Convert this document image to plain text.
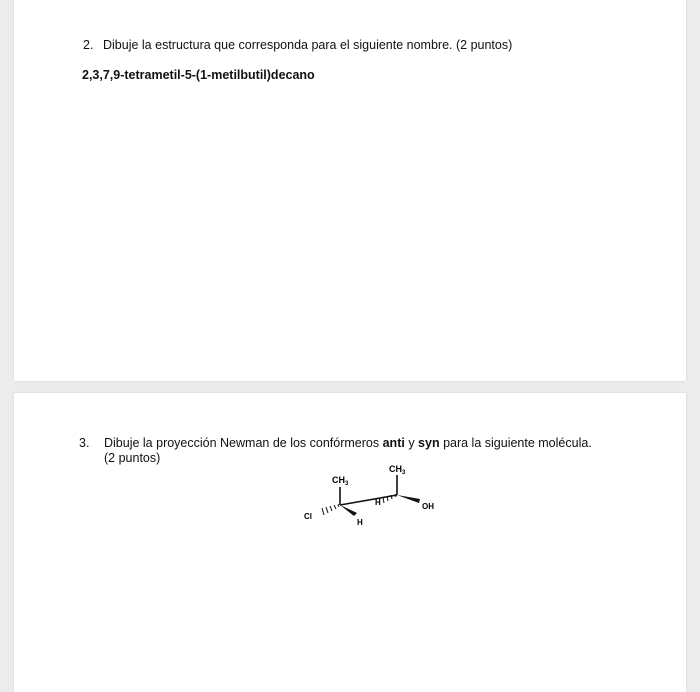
2. Dibuje la estructura que corresponda para el siguiente nombre. (2 puntos)
2,3,7,9-tetrametil-5-(1-metilbutil)decano
3. Dibuje la proyección Newman de los confórmeros anti y syn para la siguiente molécula.
(2 puntos)
$CH_3$
$CH_3$
Cl
H
H	OH
